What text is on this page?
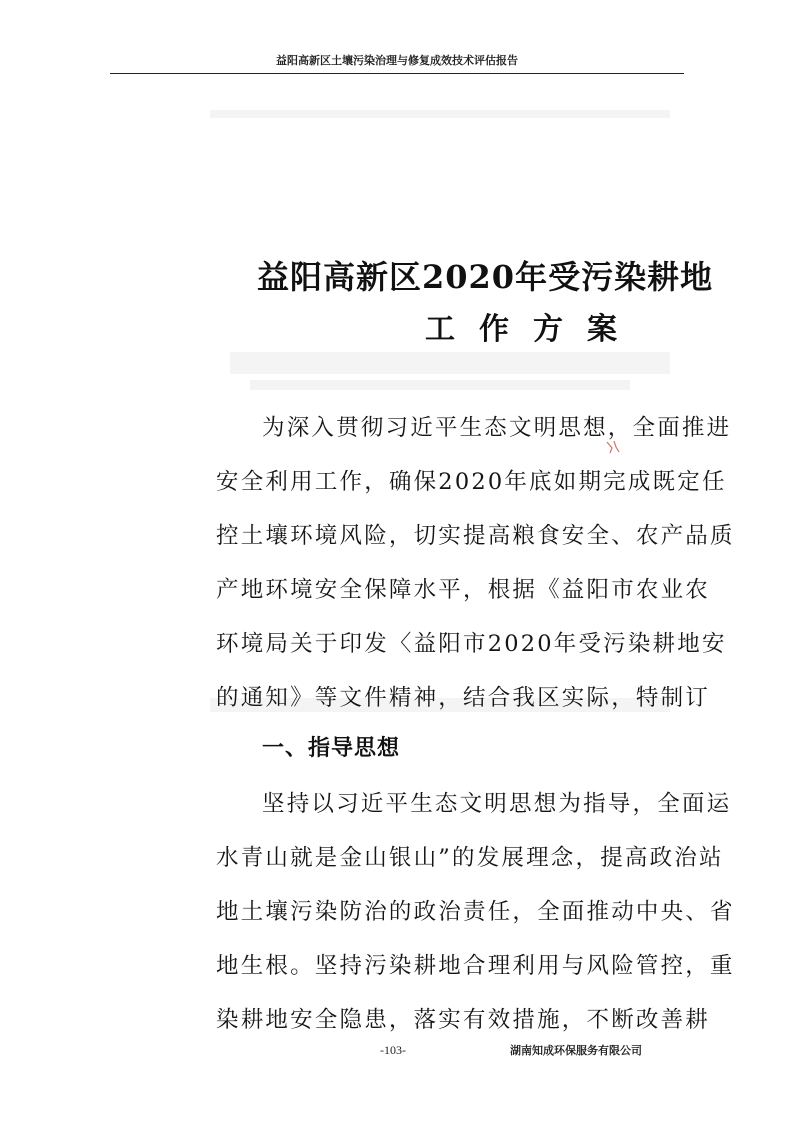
益阳高新区土壤污染治理与修复成效技术评估报告
益阳高新区2020年受污染耕地
工作方案
为深入贯彻习近平生态文明思想，全面推进
安全利用工作，确保2020年底如期完成既定任
控土壤环境风险，切实提高粮食安全、农产品质
产地环境安全保障水平，根据《益阳市农业农
环境局关于印发〈益阳市2020年受污染耕地安
的通知》等文件精神，结合我区实际，特制订
一、指导思想
坚持以习近平生态文明思想为指导，全面运
水青山就是金山银山”的发展理念，提高政治站
地土壤污染防治的政治责任，全面推动中央、省
地生根。坚持污染耕地合理利用与风险管控，重
染耕地安全隐患，落实有效措施，不断改善耕
-103-	湖南知成环保服务有限公司
